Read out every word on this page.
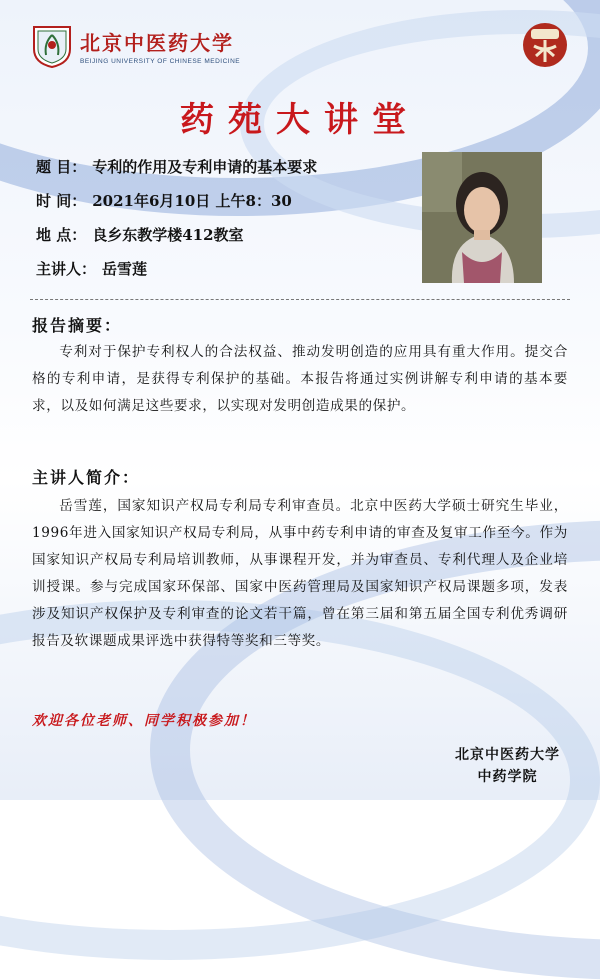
北京中医药大学
BEIJING UNIVERSITY OF CHINESE MEDICINE
药苑大讲堂
题 目： 专利的作用及专利申请的基本要求
时 间： 2021年6月10日 上午8：30
地 点： 良乡东教学楼412教室
主讲人： 岳雪莲
报告摘要：
专利对于保护专利权人的合法权益、推动发明创造的应用具有重大作用。提交合格的专利申请，是获得专利保护的基础。本报告将通过实例讲解专利申请的基本要求，以及如何满足这些要求，以实现对发明创造成果的保护。
主讲人简介：
岳雪莲，国家知识产权局专利局专利审查员。北京中医药大学硕士研究生毕业，1996年进入国家知识产权局专利局，从事中药专利申请的审查及复审工作至今。作为国家知识产权局专利局培训教师，从事课程开发，并为审查员、专利代理人及企业培训授课。参与完成国家环保部、国家中医药管理局及国家知识产权局课题多项，发表涉及知识产权保护及专利审查的论文若干篇，曾在第三届和第五届全国专利优秀调研报告及软课题成果评选中获得特等奖和三等奖。
欢迎各位老师、同学积极参加！
北京中医药大学
中药学院
